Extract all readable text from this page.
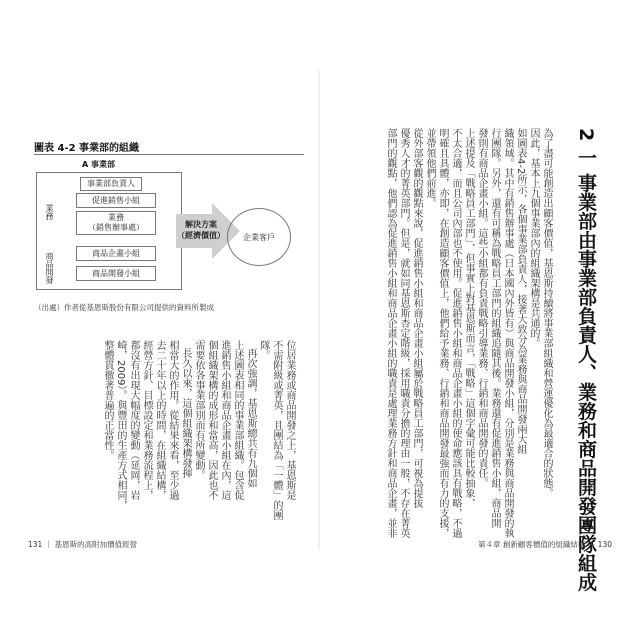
2 一 事業部由事業部負責人、業務和商品開發團隊組成
為了盡可能創造出顧客價值，基恩斯持續將事業部組織和營運優化為最適合的狀態。
因此，基本上九個事業部內的組織架構是共通的。
如圖表4-2所示，各個事業部負責人，接著大致分為業務與商品開發兩大組
織領域。其中有銷售辦事處（日本國內外皆有）與商品開發小組，分別是業務與商品開發的執
行團隊。另外，還有可稱為戰略員工部門的組織追隨其後。業務還有促進銷售小組，商品開
發則有商品企畫小組。這些小組都有負責戰略引導業務、行銷和商品開發的責任。
上述提及「戰略員工部門」，但事實上對基恩斯而言，「戰略」這個字彙可能比較抽象，
不太合適，而且公司內部也不使用。促進銷售小組和商品企畫小組的使命應該具有戰略，不過
明確且具體，亦即，在創造顧客價值上，他們給予業務、行銷和商品開發最強而有力的支援，
並帶領他們前進。
從外部客觀的觀點來說，促進銷售小組和商品企畫小組屬於戰略員工部門，可視為提拔
優秀人才的菁英部門。但是，就如同基恩斯杏定階級，採用職責分擔的理由一般，不存在菁英
部門的觀點，他們認為促進銷售小組和商品企畫小組的職責是處理業務方針和商品企畫，並非
第４章 創新顧客價值的組織結構 ｜ 130
圖表 4-2 事業部的組織
A 事業部
事業部負責人
業務
促進銷售小組
業務
（銷售辦事處）
商品開發	商品企畫小組
商品開發小組
解決方案
（經濟價值）	企業客戶
（出處）作者從基恩斯股份有限公司提供的資料所製成
位居業務或商品開發之上，基恩斯是
不需附級或菁英，且團結為「一體」的團
隊。
再次強調，基恩斯總共有九個如
上述圖表相同的事業部組織。包含促
進銷售小組和商品企畫小組在內，這
個組織架構的成形和當高，因此也不
需要依各事業部別而有所變動。
長久以來，這個組織架構發揮
相當大的作用。從結果來看，至少過
去二十年以上的時間，在組織結構，
經營方針、目標設定和業務流程上，
都沒有出現大幅度的變動（延岡，岩
崎，2009）。與豐田的生產方式相同，
整體貫徹著普遍的正當性。
131 ｜ 基恩斯的高附加價值經營
